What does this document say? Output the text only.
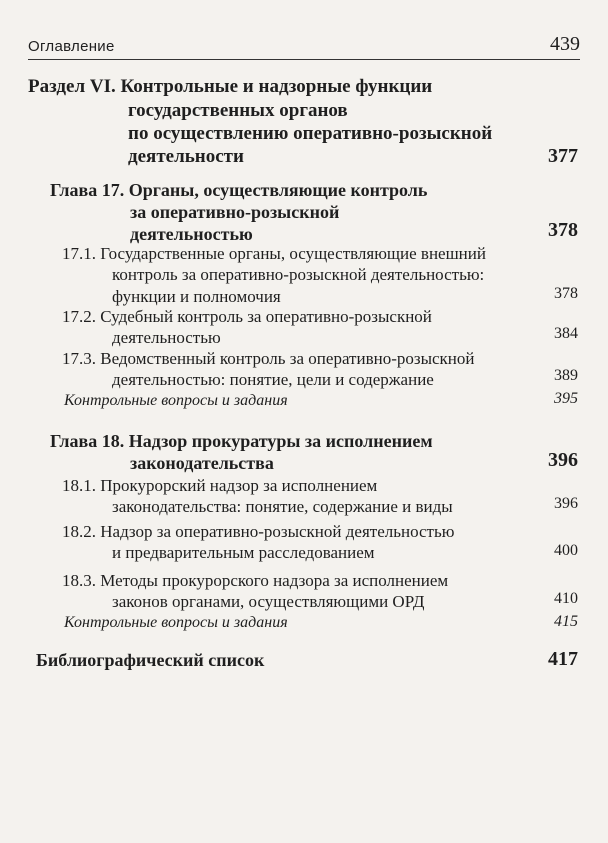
Оглавление	439
Раздел VI. Контрольные и надзорные функции
государственных органов
по осуществлению оперативно-розыскной
деятельности	377
Глава 17. Органы, осуществляющие контроль
за оперативно-розыскной
деятельностью	378
17.1. Государственные органы, осуществляющие внешний
контроль за оперативно-розыскной деятельностью:
функции и полномочия	378
17.2. Судебный контроль за оперативно-розыскной
деятельностью	384
17.3. Ведомственный контроль за оперативно-розыскной
деятельностью: понятие, цели и содержание	389
Контрольные вопросы и задания	395
Глава 18. Надзор прокуратуры за исполнением
законодательства	396
18.1. Прокурорский надзор за исполнением
законодательства: понятие, содержание и виды	396
18.2. Надзор за оперативно-розыскной деятельностью
и предварительным расследованием	400
18.3. Методы прокурорского надзора за исполнением
законов органами, осуществляющими ОРД	410
Контрольные вопросы и задания	415
Библиографический список	417
